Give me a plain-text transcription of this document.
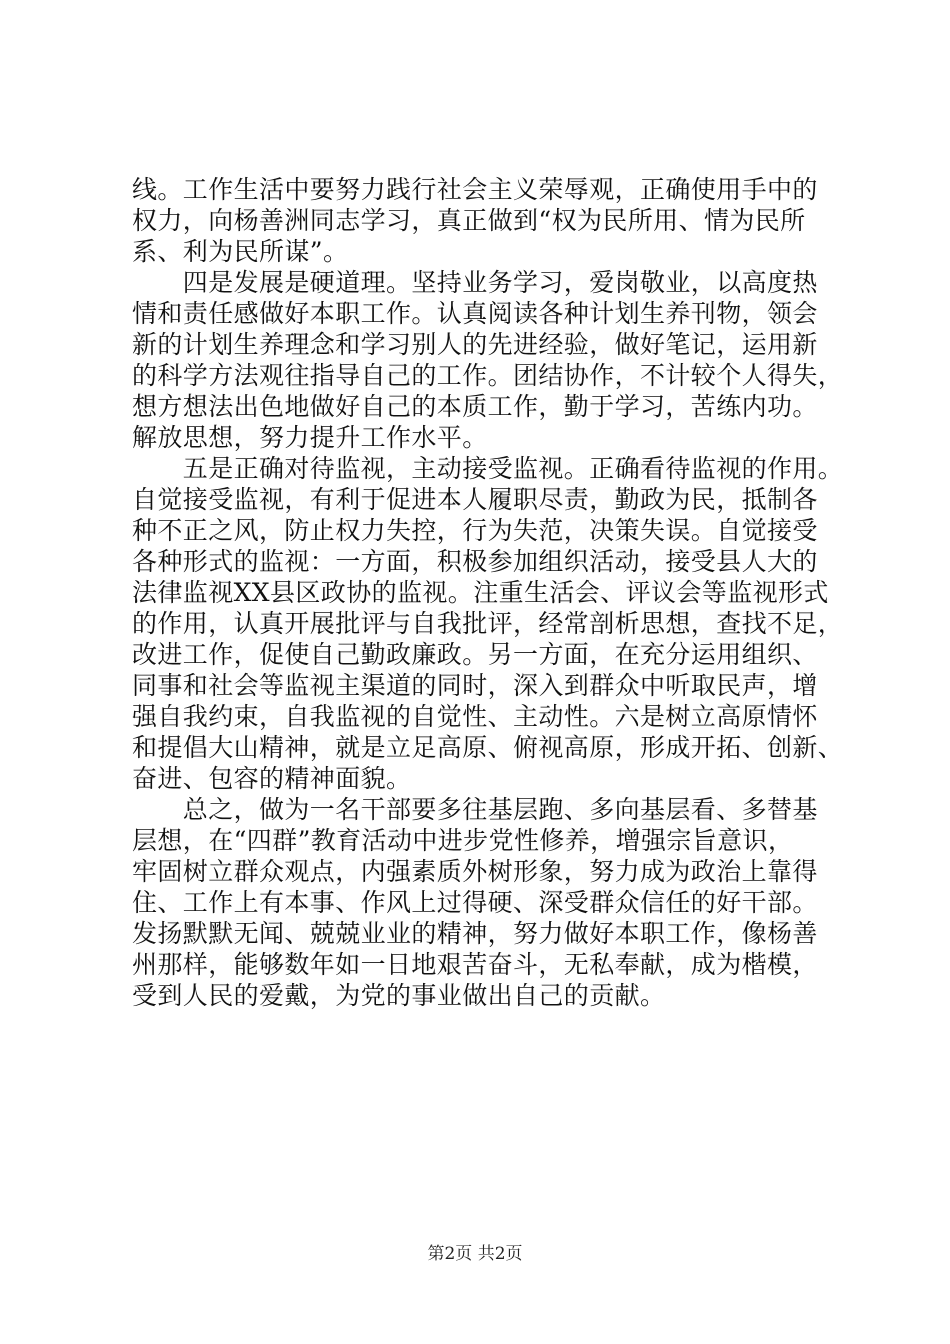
线。工作生活中要努力践行社会主义荣辱观，正确使用手中的
权力，向杨善洲同志学习，真正做到“权为民所用、情为民所
系、利为民所谋”。
　　四是发展是硬道理。坚持业务学习，爱岗敬业，以高度热
情和责任感做好本职工作。认真阅读各种计划生养刊物，领会
新的计划生养理念和学习别人的先进经验，做好笔记，运用新
的科学方法观往指导自己的工作。团结协作，不计较个人得失，
想方想法出色地做好自己的本质工作，勤于学习，苦练内功。
解放思想，努力提升工作水平。
　　五是正确对待监视，主动接受监视。正确看待监视的作用。
自觉接受监视，有利于促进本人履职尽责，勤政为民，抵制各
种不正之风，防止权力失控，行为失范，决策失误。自觉接受
各种形式的监视：一方面，积极参加组织活动，接受县人大的
法律监视XX县区政协的监视。注重生活会、评议会等监视形式
的作用，认真开展批评与自我批评，经常剖析思想，查找不足，
改进工作，促使自己勤政廉政。另一方面，在充分运用组织、
同事和社会等监视主渠道的同时，深入到群众中听取民声，增
强自我约束，自我监视的自觉性、主动性。六是树立高原情怀
和提倡大山精神，就是立足高原、俯视高原，形成开拓、创新、
奋进、包容的精神面貌。
　　总之，做为一名干部要多往基层跑、多向基层看、多替基
层想，在“四群”教育活动中进步党性修养，增强宗旨意识，
牢固树立群众观点，内强素质外树形象，努力成为政治上靠得
住、工作上有本事、作风上过得硬、深受群众信任的好干部。
发扬默默无闻、兢兢业业的精神，努力做好本职工作，像杨善
州那样，能够数年如一日地艰苦奋斗，无私奉献，成为楷模，
受到人民的爱戴，为党的事业做出自己的贡献。
第2页 共2页
